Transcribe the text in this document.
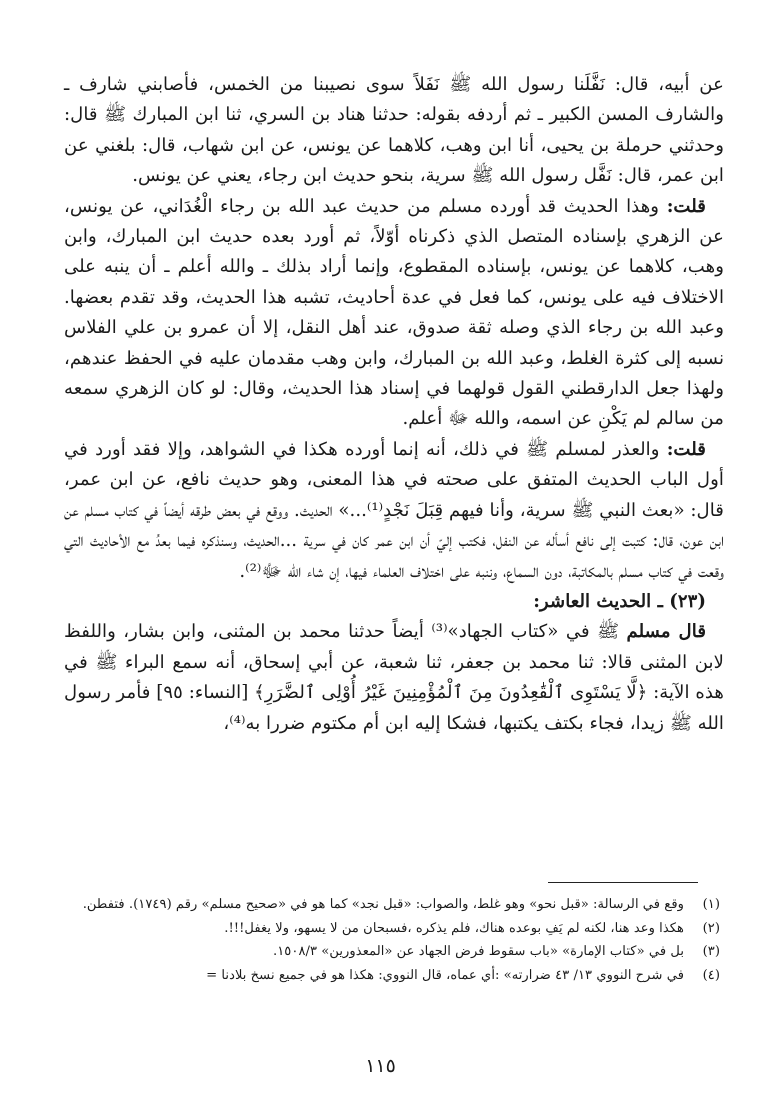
عن أبيه، قال: نَفَّلَنا رسول الله ﷺ نَفَلاً سوى نصيبنا من الخمس، فأصابني شارف ـ والشارف المسن الكبير ـ ثم أردفه بقوله: حدثنا هناد بن السري، ثنا ابن المبارك ﷺ قال: وحدثني حرملة بن يحيى، أنا ابن وهب، كلاهما عن يونس، عن ابن شهاب، قال: بلغني عن ابن عمر، قال: نَفَّل رسول الله ﷺ سرية، بنحو حديث ابن رجاء، يعني عن يونس.

قلت: وهذا الحديث قد أورده مسلم من حديث عبد الله بن رجاء الْغُدَاني، عن يونس، عن الزهري بإسناده المتصل الذي ذكرناه أوّلاً، ثم أورد بعده حديث ابن المبارك، وابن وهب، كلاهما عن يونس، بإسناده المقطوع، وإنما أراد بذلك ـ والله أعلم ـ أن ينبه على الاختلاف فيه على يونس، كما فعل في عدة أحاديث، تشبه هذا الحديث، وقد تقدم بعضها. وعبد الله بن رجاء الذي وصله ثقة صدوق، عند أهل النقل، إلا أن عمرو بن علي الفلاس نسبه إلى كثرة الغلط، وعبد الله بن المبارك، وابن وهب مقدمان عليه في الحفظ عندهم، ولهذا جعل الدارقطني القول قولهما في إسناد هذا الحديث، وقال: لو كان الزهري سمعه من سالم لم يَكْنِ عن اسمه، والله ﷻ أعلم.

قلت: والعذر لمسلم ﷺ في ذلك، أنه إنما أورده هكذا في الشواهد، وإلا فقد أورد في أول الباب الحديث المتفق على صحته في هذا المعنى، وهو حديث نافع، عن ابن عمر، قال: «بعث النبي ﷺ سرية، وأنا فيهم قِبَلَ نَجْدٍ⁽¹⁾...» الحديث. ووقع في بعض طرقه أيضاً في كتاب مسلم عن ابن عون، قال: كتبت إلى نافع أسأله عن النفل، فكتب إليّ أن ابن عمر كان في سرية ...الحديث، وسنذكره فيما بعدُ مع الأحاديث التي وقعت في كتاب مسلم بالمكاتبة، دون السماع، وننبه على اختلاف العلماء فيها، إن شاء الله ﷻ⁽²⁾.

(٢٣) ـ الحديث العاشر:

قال مسلم ﷺ في «كتاب الجهاد»⁽³⁾ أيضاً حدثنا محمد بن المثنى، وابن بشار، واللفظ لابن المثنى قالا: ثنا محمد بن جعفر، ثنا شعبة، عن أبي إسحاق، أنه سمع البراء ﷺ في هذه الآية: ﴿لَّا يَسْتَوِى ٱلْقَٰعِدُونَ مِنَ ٱلْمُؤْمِنِينَ غَيْرُ أُوْلِى ٱلضَّرَرِ﴾ [النساء: ٩٥] فأمر رسول الله ﷺ زيدا، فجاء بكتف يكتبها، فشكا إليه ابن أم مكتوم ضررا به⁽⁴⁾،

(١)
وقع في الرسالة: «قبل نحو» وهو غلط، والصواب: «قبل نجد» كما هو في «صحيح مسلم» رقم (١٧٤٩). فتفطن.
(٢)
هكذا وعد هنا، لكنه لم يَفِ بوعده هناك، فلم يذكره ،فسبحان من لا يسهو، ولا يغفل!!!.
(٣)
بل في «كتاب الإمارة» «باب سقوط فرض الجهاد عن «المعذورين» ١٥٠٨/٣.
(٤)
في شرح النووي ١٣/ ٤٣ ضرارته» :أي عماه، قال النووي: هكذا هو في جميع نسخ بلادنا =
١١٥
